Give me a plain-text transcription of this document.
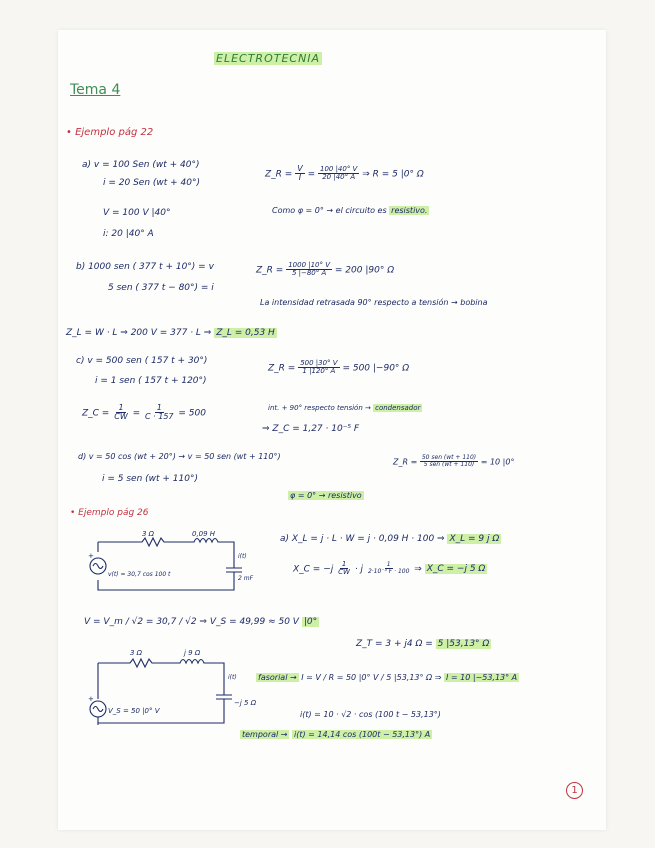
ELECTROTECNIA
Tema 4
• Ejemplo pág 22
a) v = 100 Sen (wt + 40°)
i = 20 Sen (wt + 40°)
Z_R = $\frac{V}{I} = \frac{100 |40^\circ V}{20 |40^\circ A}$ ⇒ R = 5 |0° Ω
V = 100 V |40°
i: 20 |40° A
Como φ = 0° → el circuito es resistivo.
b) 1000 sen ( 377 t + 10°) = v
5 sen ( 377 t − 80°) = i
Z_R = $\frac{1000 |10^\circ V}{5 |-80^\circ A} = 200$ |90° Ω
La intensidad retrasada 90° respecto a tensión → bobina
Z_L = W · L ⇒ 200 V = 377 · L ⇒ Z_L = 0,53 H
c) v = 500 sen ( 157 t + 30°)
i = 1 sen ( 157 t + 120°)
Z_R = $\frac{500 |30^\circ V}{1 |120^\circ A} = 500$ |−90° Ω
Z_C = $\frac{1}{CW} = \frac{1}{C \cdot 157} = 500$
int. + 90° respecto tensión → condensador
⇒ Z_C = 1,27 · 10⁻⁵ F
d) v = 50 cos (wt + 20°) → v = 50 sen (wt + 110°)
i = 5 sen (wt + 110°)
Z_R = $\frac{\text{50 sen (wt + 110)}}{\text{5 sen (wt + 110)}} = 10$ |0°
φ = 0° → resistivo
• Ejemplo pág 26
3 Ω	0,09 H
i(t)
2 mF
v(t) = 30,7 cos 100 t
+
a) X_L = j · L · W = j · 0,09 H · 100 ⇒ X_L = 9 j Ω
X_C = $-j \frac{1}{CW} \cdot j \frac{1}{\text{2·10⁻³ F · 100}}$ ⇒ X_C = −j 5 Ω
V = V_m / √2 = 30,7 / √2 ⇒ V_S = 49,99 ≈ 50 V |0°
3 Ω	j 9 Ω
i(t)
−j 5 Ω
V_S = 50 |0° V
+
Z_T = 3 + j4 Ω = 5 |53,13° Ω
fasorial → I = V / R = 50 |0° V / 5 |53,13° Ω ⇒ I = 10 |−53,13° A
i(t) = 10 · √2 · cos (100 t − 53,13°)
temporal → i(t) = 14,14 cos (100t − 53,13°) A
1
